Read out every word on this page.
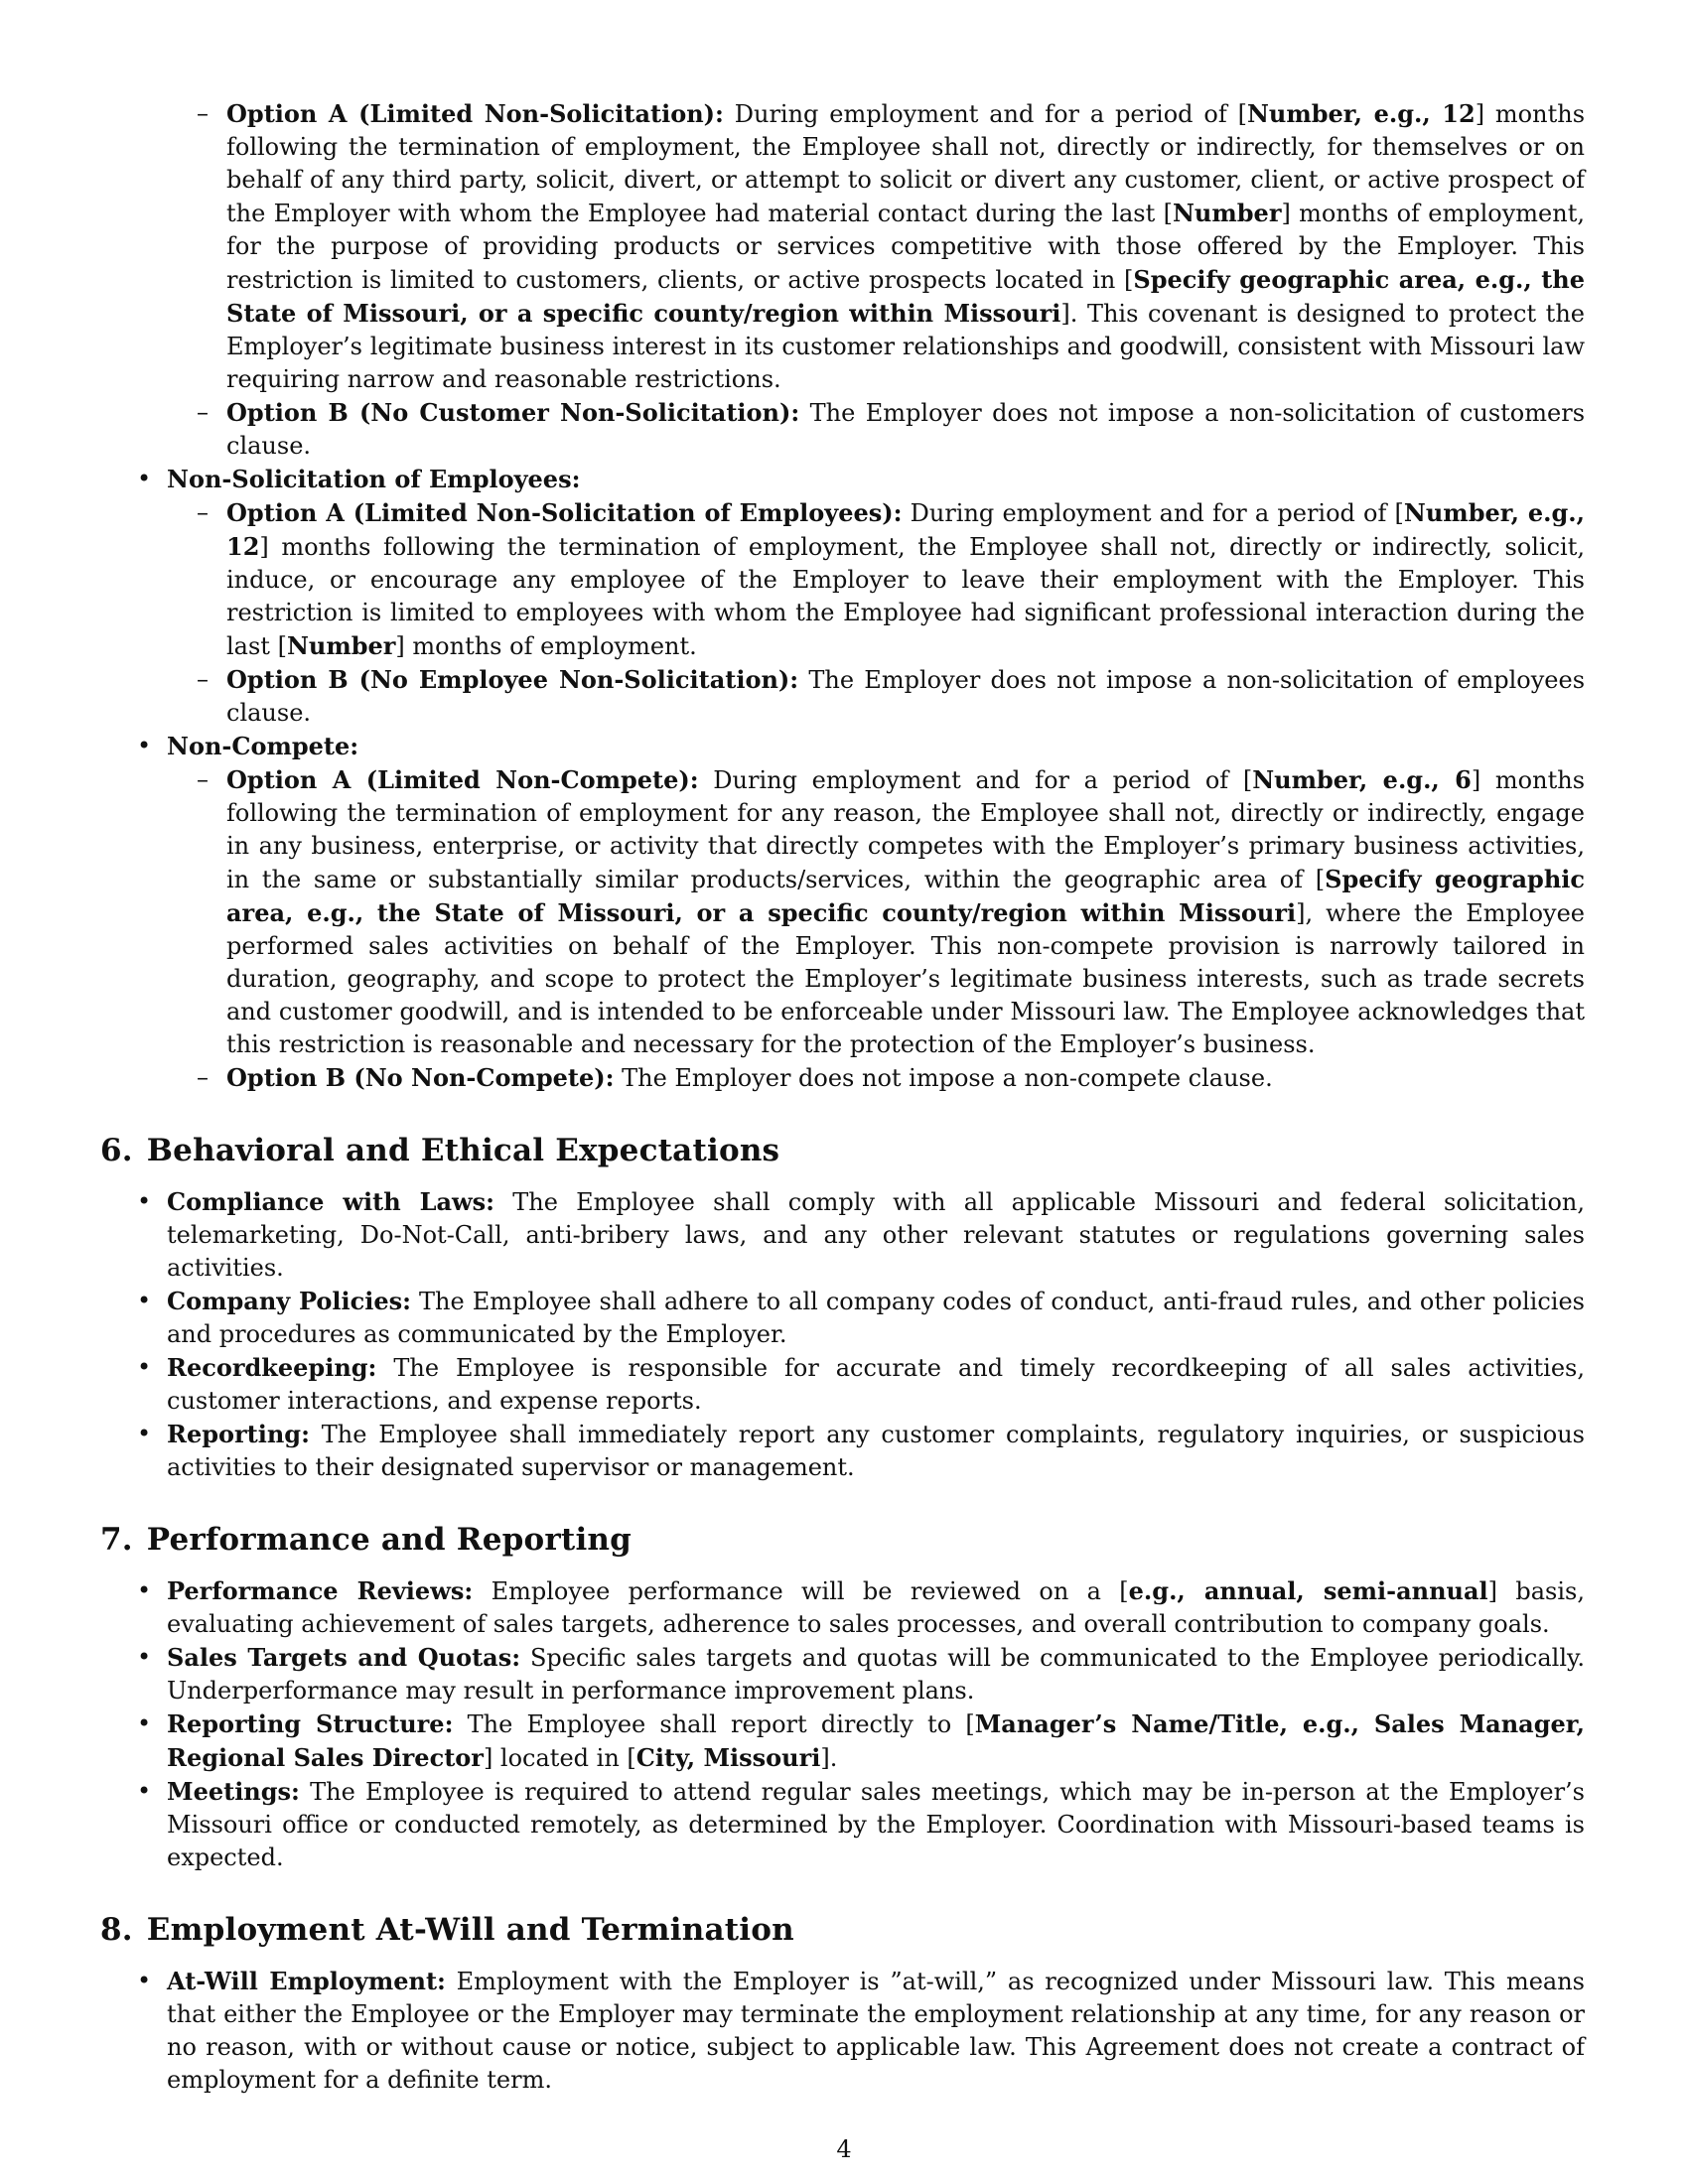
– Option A (Limited Non-Solicitation): During employment and for a period of [Number, e.g., 12] months following the termination of employment, the Employee shall not, directly or indirectly, for themselves or on behalf of any third party, solicit, divert, or attempt to solicit or divert any customer, client, or active prospect of the Employer with whom the Employee had material contact during the last [Number] months of employment, for the purpose of providing products or services competitive with those offered by the Employer. This restriction is limited to customers, clients, or active prospects located in [Specify geographic area, e.g., the State of Missouri, or a specific county/region within Missouri]. This covenant is designed to protect the Employer’s legitimate business interest in its customer relationships and goodwill, consistent with Missouri law requiring narrow and reasonable restrictions.
– Option B (No Customer Non-Solicitation): The Employer does not impose a non-solicitation of customers clause.
• Non-Solicitation of Employees:
– Option A (Limited Non-Solicitation of Employees): During employment and for a period of [Number, e.g., 12] months following the termination of employment, the Employee shall not, directly or indirectly, solicit, induce, or encourage any employee of the Employer to leave their employment with the Employer. This restriction is limited to employees with whom the Employee had significant professional interaction during the last [Number] months of employment.
– Option B (No Employee Non-Solicitation): The Employer does not impose a non-solicitation of employees clause.
• Non-Compete:
– Option A (Limited Non-Compete): During employment and for a period of [Number, e.g., 6] months following the termination of employment for any reason, the Employee shall not, directly or indirectly, engage in any business, enterprise, or activity that directly competes with the Employer’s primary business activities, in the same or substantially similar products/services, within the geographic area of [Specify geographic area, e.g., the State of Missouri, or a specific county/region within Missouri], where the Employee performed sales activities on behalf of the Employer. This non-compete provision is narrowly tailored in duration, geography, and scope to protect the Employer’s legitimate business interests, such as trade secrets and customer goodwill, and is intended to be enforceable under Missouri law. The Employee acknowledges that this restriction is reasonable and necessary for the protection of the Employer’s business.
– Option B (No Non-Compete): The Employer does not impose a non-compete clause.
6. Behavioral and Ethical Expectations
• Compliance with Laws: The Employee shall comply with all applicable Missouri and federal solicitation, telemarketing, Do-Not-Call, anti-bribery laws, and any other relevant statutes or regulations governing sales activities.
• Company Policies: The Employee shall adhere to all company codes of conduct, anti-fraud rules, and other policies and procedures as communicated by the Employer.
• Recordkeeping: The Employee is responsible for accurate and timely recordkeeping of all sales activities, customer interactions, and expense reports.
• Reporting: The Employee shall immediately report any customer complaints, regulatory inquiries, or suspicious activities to their designated supervisor or management.
7. Performance and Reporting
• Performance Reviews: Employee performance will be reviewed on a [e.g., annual, semi-annual] basis, evaluating achievement of sales targets, adherence to sales processes, and overall contribution to company goals.
• Sales Targets and Quotas: Specific sales targets and quotas will be communicated to the Employee periodically. Underperformance may result in performance improvement plans.
• Reporting Structure: The Employee shall report directly to [Manager’s Name/Title, e.g., Sales Manager, Regional Sales Director] located in [City, Missouri].
• Meetings: The Employee is required to attend regular sales meetings, which may be in-person at the Employer’s Missouri office or conducted remotely, as determined by the Employer. Coordination with Missouri-based teams is expected.
8. Employment At-Will and Termination
• At-Will Employment: Employment with the Employer is ”at-will,” as recognized under Missouri law. This means that either the Employee or the Employer may terminate the employment relationship at any time, for any reason or no reason, with or without cause or notice, subject to applicable law. This Agreement does not create a contract of employment for a definite term.
4
